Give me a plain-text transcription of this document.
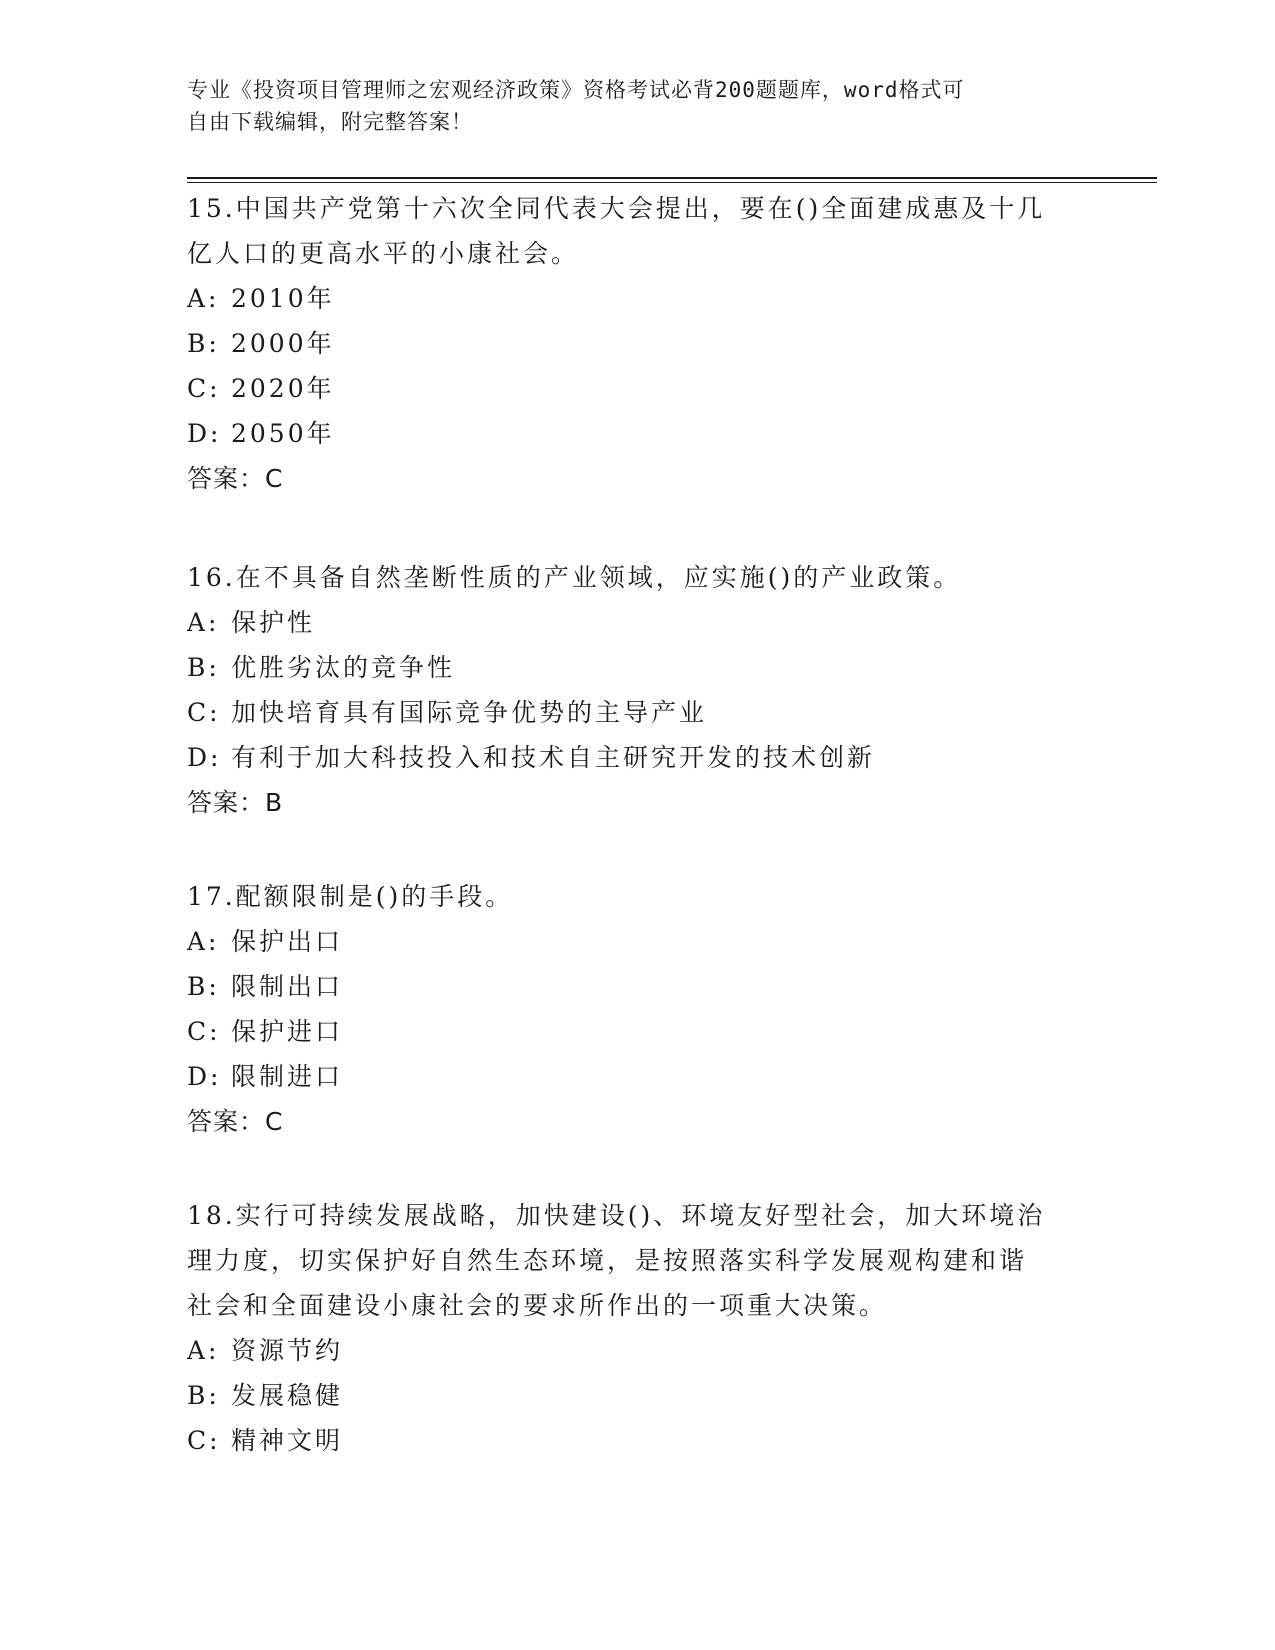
专业《投资项目管理师之宏观经济政策》资格考试必背200题题库，word格式可
自由下载编辑，附完整答案！

15.中国共产党第十六次全同代表大会提出，要在()全面建成惠及十几
亿人口的更高水平的小康社会。

A: 2010年

B: 2000年

C: 2020年

D: 2050年

答案：C

16.在不具备自然垄断性质的产业领域，应实施()的产业政策。

A: 保护性

B: 优胜劣汰的竞争性

C: 加快培育具有国际竞争优势的主导产业

D: 有利于加大科技投入和技术自主研究开发的技术创新

答案：B

17.配额限制是()的手段。

A: 保护出口

B: 限制出口

C: 保护进口

D: 限制进口

答案：C

18.实行可持续发展战略，加快建设()、环境友好型社会，加大环境治
理力度，切实保护好自然生态环境，是按照落实科学发展观构建和谐
社会和全面建设小康社会的要求所作出的一项重大决策。

A: 资源节约

B: 发展稳健

C: 精神文明
